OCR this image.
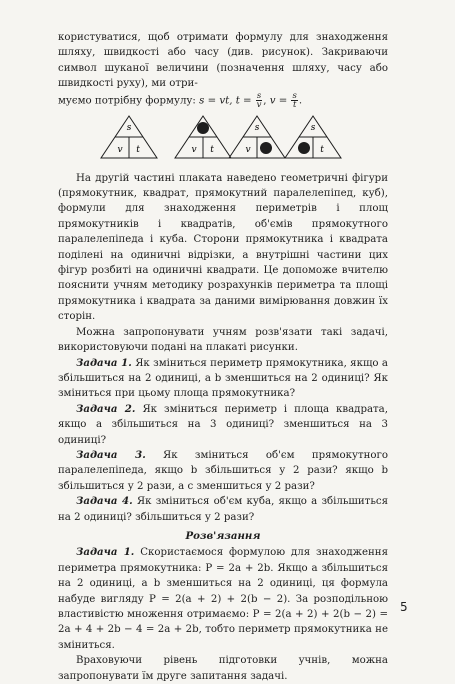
користуватися, щоб отримати формулу для знаходження шляху, швидкості або часу (див. рисунок). Закриваючи символ шуканої величини (позначення шляху, часу або швидкості руху), ми отри-

муємо потрібну формулу: s = vt, $t = \frac{s}{v}$ , $v = \frac{s}{t}$ .

s
v t	v t
s
v
s
t

На другій частині плаката наведено геометричні фігури (прямокутник, квадрат, прямокутний паралелепіпед, куб), формули для знаходження периметрів і площ прямокутників і квадратів, об'ємів прямокутного паралелепіпеда і куба. Сторони прямокутника і квадрата поділені на одиничні відрізки, а внутрішні частини цих фігур розбиті на одиничні квадрати. Це допоможе вчителю пояснити учням методику розрахунків периметра та площі прямокутника і квадрата за даними вимірювання довжин їх сторін.

Можна запропонувати учням розв'язати такі задачі, використовуючи подані на плакаті рисунки.

Задача 1. Як зміниться периметр прямокутника, якщо a збільшиться на 2 одиниці, а b зменшиться на 2 одиниці? Як зміниться при цьому площа прямокутника?

Задача 2. Як зміниться периметр і площа квадрата, якщо a збільшиться на 3 одиниці? зменшиться на 3 одиниці?

Задача 3. Як зміниться об'єм прямокутного паралелепіпеда, якщо b збільшиться у 2 рази? якщо b збільшиться у 2 рази, а c зменшиться у 2 рази?

Задача 4. Як зміниться об'єм куба, якщо a збільшиться на 2 одиниці? збільшиться у 2 рази?

Розв'язання

Задача 1. Скористаємося формулою для знаходження периметра прямокутника: P = 2a + 2b. Якщо a збільшиться на 2 одиниці, а b зменшиться на 2 одиниці, ця формула набуде вигляду P = 2(a + 2) + 2(b − 2). За розподільною властивістю множення отримаємо: P = 2(a + 2) + 2(b − 2) = 2a + 4 + 2b − 4 = 2a + 2b, тобто периметр прямокутника не зміниться.

Враховуючи рівень підготовки учнів, можна запропонувати їм друге запитання задачі.

5
